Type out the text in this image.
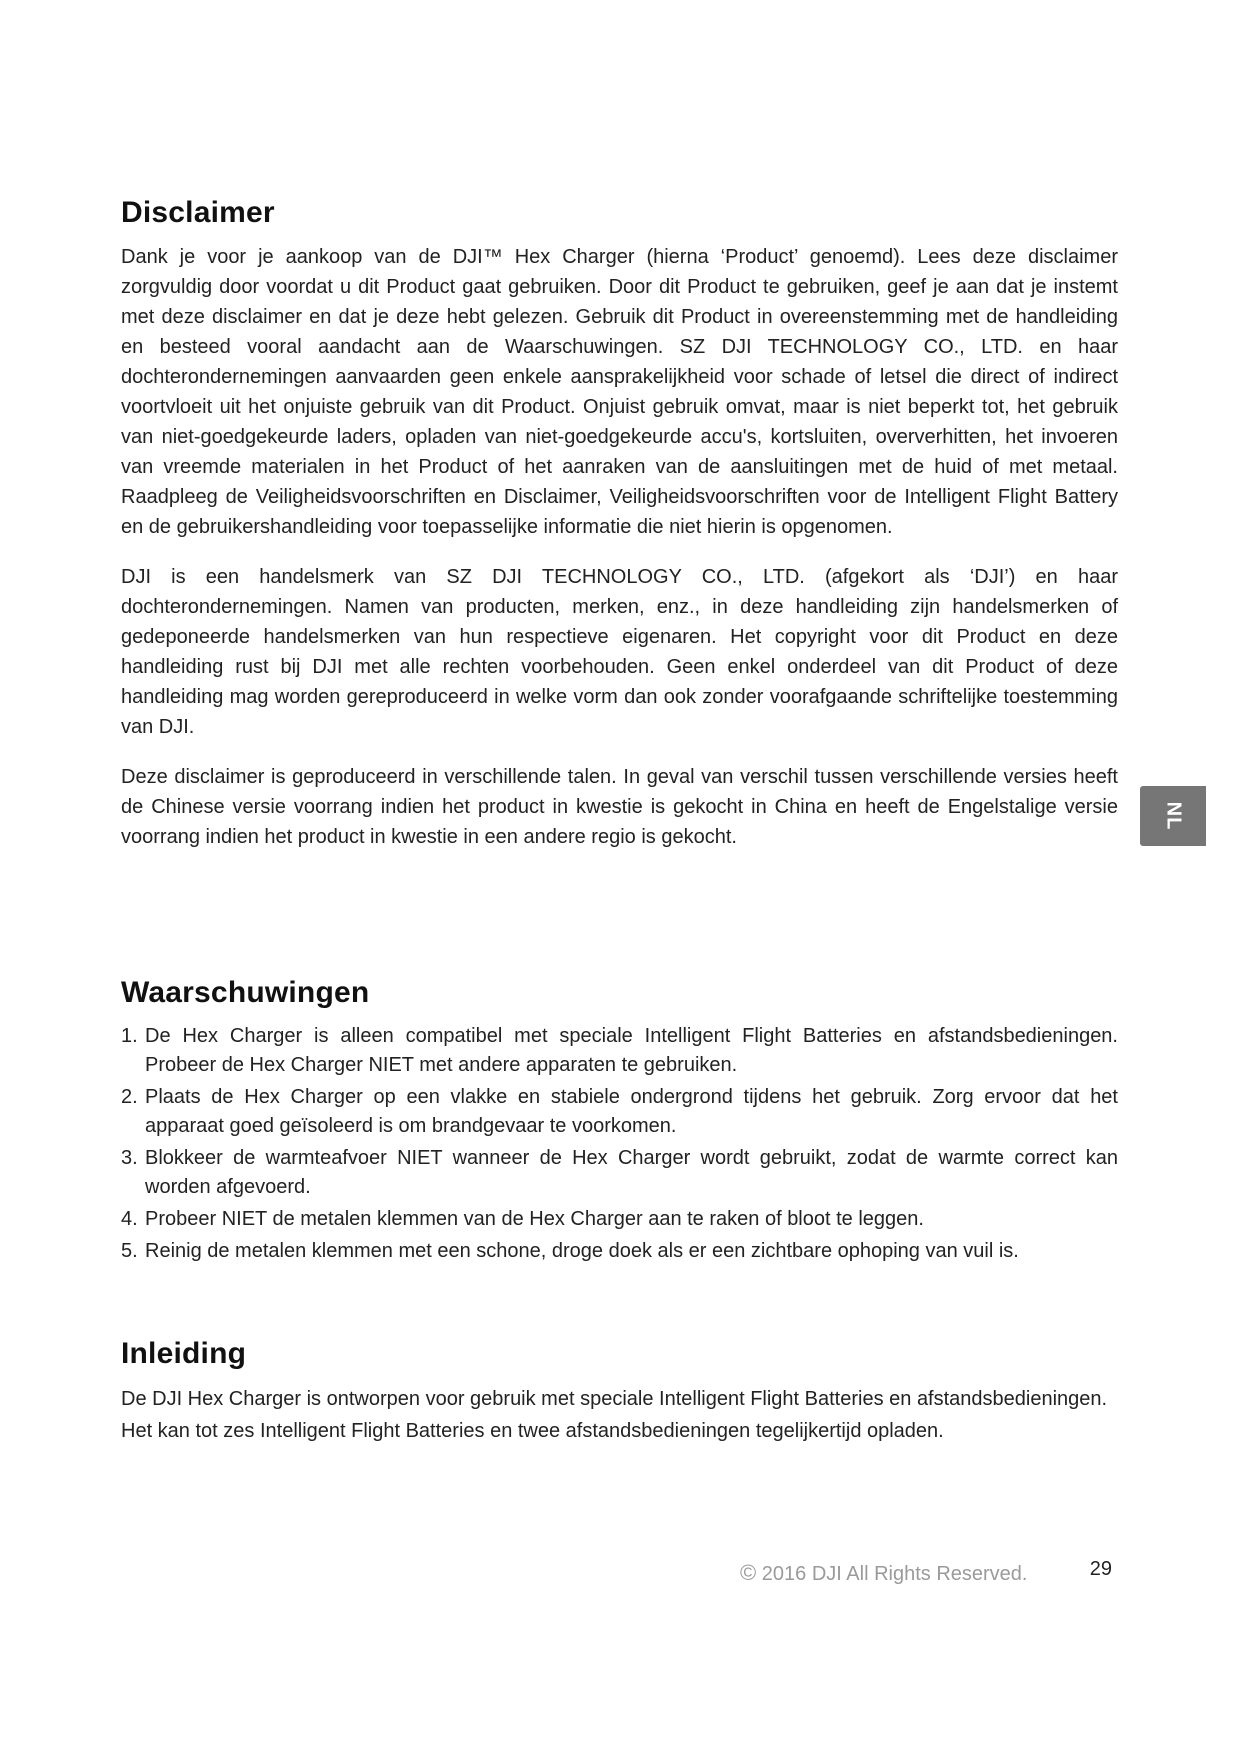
Disclaimer

Dank je voor je aankoop van de DJI™ Hex Charger (hierna ‘Product’ genoemd). Lees deze disclaimer zorgvuldig door voordat u dit Product gaat gebruiken. Door dit Product te gebruiken, geef je aan dat je instemt met deze disclaimer en dat je deze hebt gelezen. Gebruik dit Product in overeenstemming met de handleiding en besteed vooral aandacht aan de Waarschuwingen. SZ DJI TECHNOLOGY CO., LTD. en haar dochterondernemingen aanvaarden geen enkele aansprakelijkheid voor schade of letsel die direct of indirect voortvloeit uit het onjuiste gebruik van dit Product. Onjuist gebruik omvat, maar is niet beperkt tot, het gebruik van niet-goedgekeurde laders, opladen van niet-goedgekeurde accu's, kortsluiten, oververhitten, het invoeren van vreemde materialen in het Product of het aanraken van de aansluitingen met de huid of met metaal. Raadpleeg de Veiligheidsvoorschriften en Disclaimer, Veiligheidsvoorschriften voor de Intelligent Flight Battery en de gebruikershandleiding voor toepasselijke informatie die niet hierin is opgenomen.

DJI is een handelsmerk van SZ DJI TECHNOLOGY CO., LTD. (afgekort als ‘DJI’) en haar dochterondernemingen. Namen van producten, merken, enz., in deze handleiding zijn handelsmerken of gedeponeerde handelsmerken van hun respectieve eigenaren. Het copyright voor dit Product en deze handleiding rust bij DJI met alle rechten voorbehouden. Geen enkel onderdeel van dit Product of deze handleiding mag worden gereproduceerd in welke vorm dan ook zonder voorafgaande schriftelijke toestemming van DJI.

Deze disclaimer is geproduceerd in verschillende talen. In geval van verschil tussen verschillende versies heeft de Chinese versie voorrang indien het product in kwestie is gekocht in China en heeft de Engelstalige versie voorrang indien het product in kwestie in een andere regio is gekocht.

Waarschuwingen
1. De Hex Charger is alleen compatibel met speciale Intelligent Flight Batteries en afstandsbedieningen. Probeer de Hex Charger NIET met andere apparaten te gebruiken.
2. Plaats de Hex Charger op een vlakke en stabiele ondergrond tijdens het gebruik. Zorg ervoor dat het apparaat goed geïsoleerd is om brandgevaar te voorkomen.
3. Blokkeer de warmteafvoer NIET wanneer de Hex Charger wordt gebruikt, zodat de warmte correct kan worden afgevoerd.
4. Probeer NIET de metalen klemmen van de Hex Charger aan te raken of bloot te leggen.
5. Reinig de metalen klemmen met een schone, droge doek als er een zichtbare ophoping van vuil is.
Inleiding

De DJI Hex Charger is ontworpen voor gebruik met speciale Intelligent Flight Batteries en afstandsbedieningen. Het kan tot zes Intelligent Flight Batteries en twee afstandsbedieningen tegelijkertijd opladen.

NL
© 2016 DJI All Rights Reserved.	29
